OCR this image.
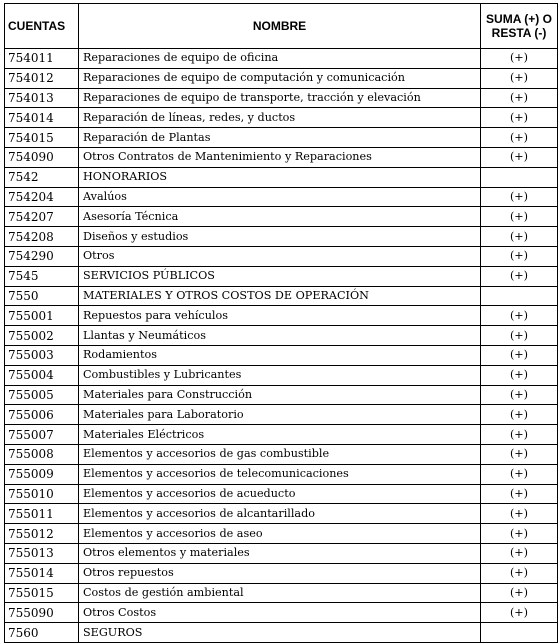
CUENTAS	NOMBRE	SUMA (+) O RESTA (-)
754011	Reparaciones de equipo de oficina	(+)
754012	Reparaciones de equipo de computación y comunicación	(+)
754013	Reparaciones de equipo de transporte, tracción y elevación	(+)
754014	Reparación de líneas, redes, y ductos	(+)
754015	Reparación de Plantas	(+)
754090	Otros Contratos de Mantenimiento y Reparaciones	(+)
7542	HONORARIOS	
754204	Avalúos	(+)
754207	Asesoría Técnica	(+)
754208	Diseños y estudios	(+)
754290	Otros	(+)
7545	SERVICIOS PÚBLICOS	(+)
7550	MATERIALES Y OTROS COSTOS DE OPERACIÓN	
755001	Repuestos para vehículos	(+)
755002	Llantas y Neumáticos	(+)
755003	Rodamientos	(+)
755004	Combustibles y Lubricantes	(+)
755005	Materiales para Construcción	(+)
755006	Materiales para Laboratorio	(+)
755007	Materiales Eléctricos	(+)
755008	Elementos y accesorios de gas combustible	(+)
755009	Elementos y accesorios de telecomunicaciones	(+)
755010	Elementos y accesorios de acueducto	(+)
755011	Elementos y accesorios de alcantarillado	(+)
755012	Elementos y accesorios de aseo	(+)
755013	Otros elementos y materiales	(+)
755014	Otros repuestos	(+)
755015	Costos de gestión ambiental	(+)
755090	Otros Costos	(+)
7560	SEGUROS	
